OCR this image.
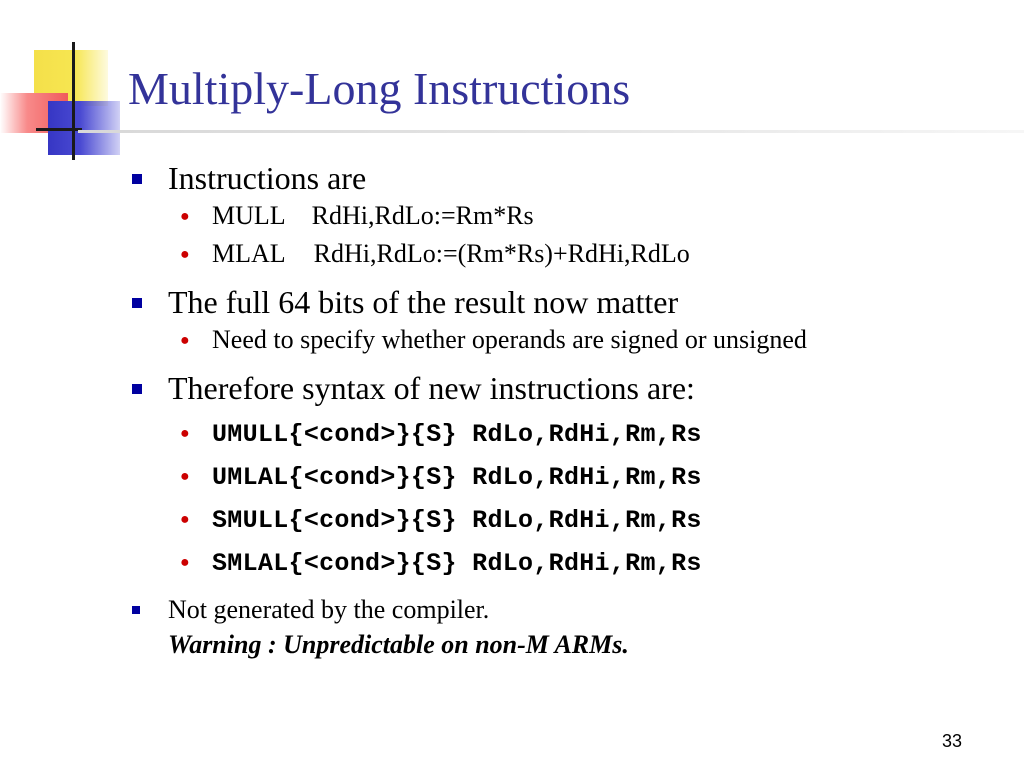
Multiply-Long Instructions

Instructions are

●
MULL RdHi,RdLo:=Rm*Rs

●
MLAL RdHi,RdLo:=(Rm*Rs)+RdHi,RdLo

The full 64 bits of the result now matter

●
Need to specify whether operands are signed or unsigned

Therefore syntax of new instructions are:

●
UMULL{<cond>}{S} RdLo,RdHi,Rm,Rs

●
UMLAL{<cond>}{S} RdLo,RdHi,Rm,Rs

●
SMULL{<cond>}{S} RdLo,RdHi,Rm,Rs

●
SMLAL{<cond>}{S} RdLo,RdHi,Rm,Rs

Not generated by the compiler.

Warning : Unpredictable on non-M ARMs.

33
